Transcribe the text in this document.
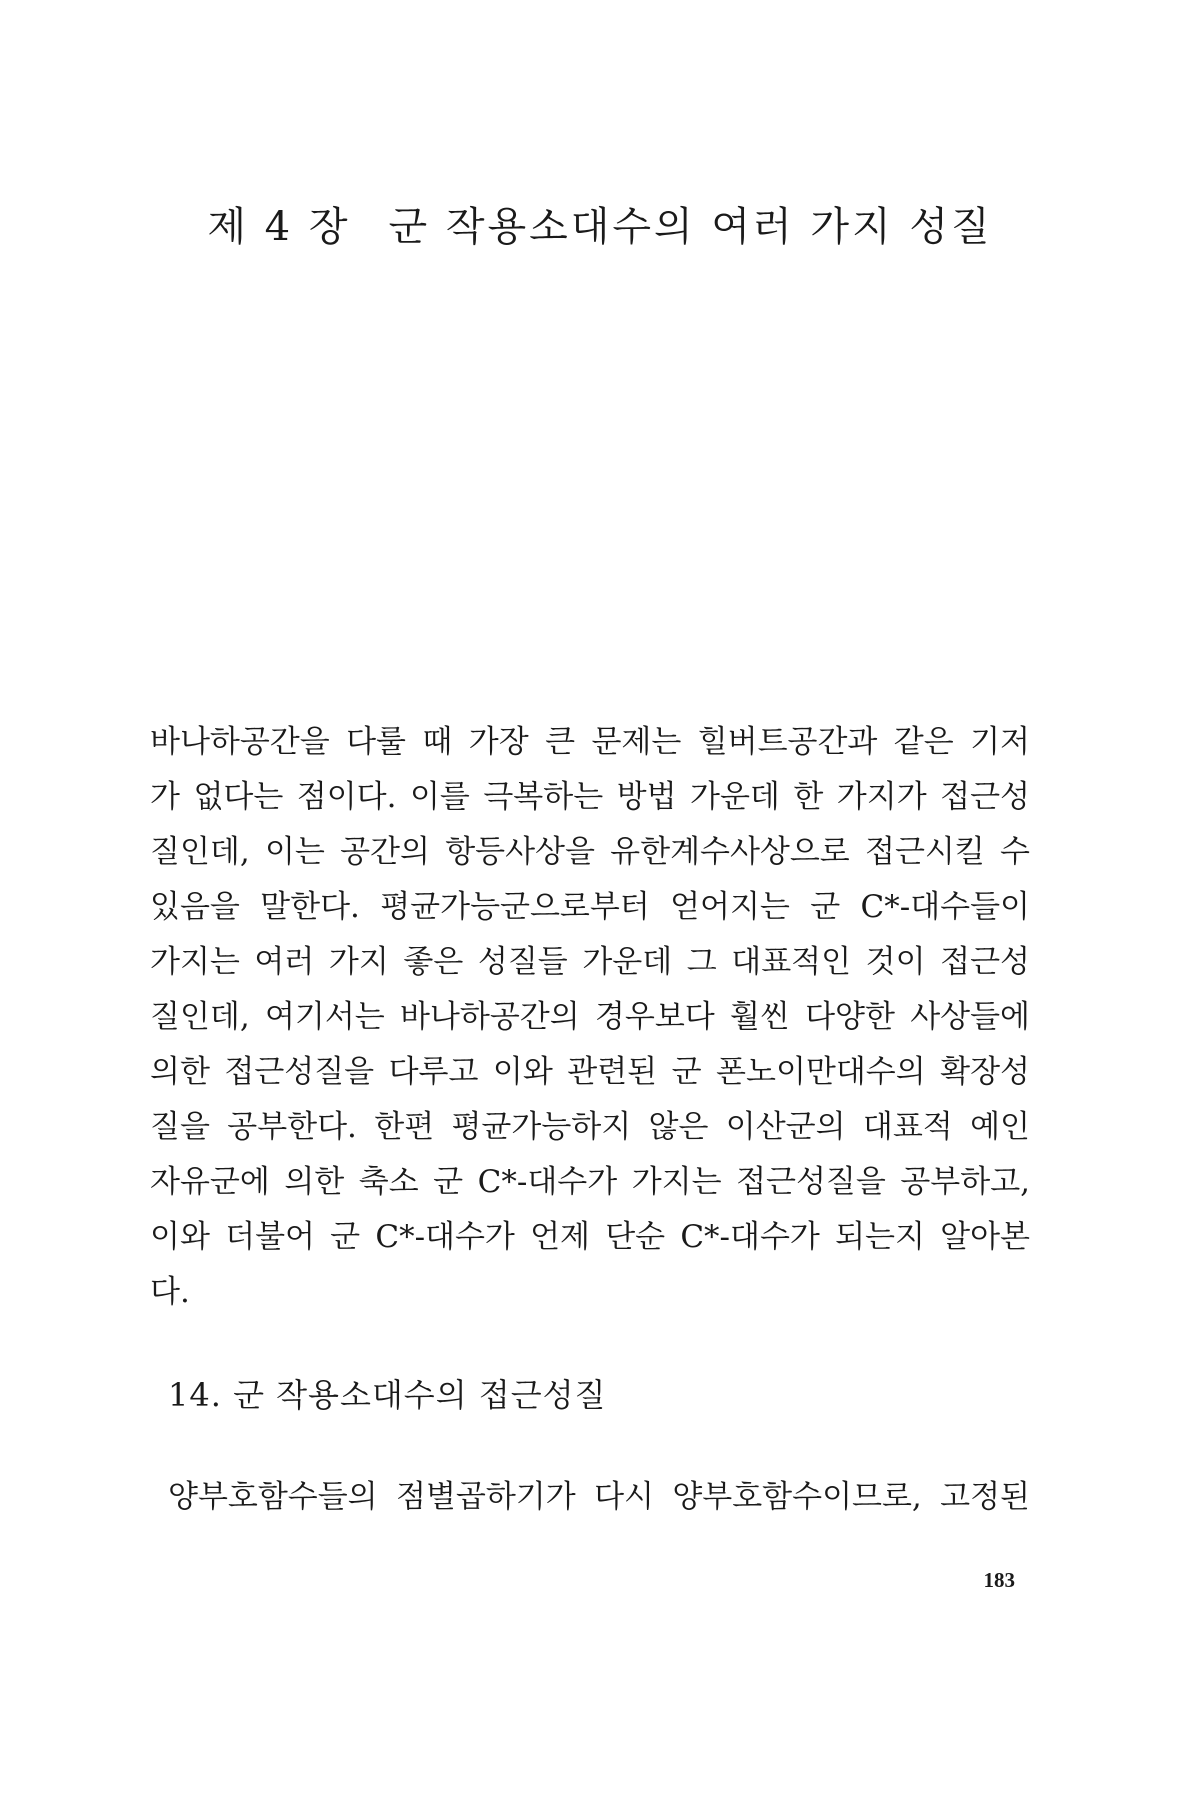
제 4 장 군 작용소대수의 여러 가지 성질

바나하공간을 다룰 때 가장 큰 문제는 힐버트공간과 같은 기저
가 없다는 점이다. 이를 극복하는 방법 가운데 한 가지가 접근성
질인데, 이는 공간의 항등사상을 유한계수사상으로 접근시킬 수
있음을 말한다. 평균가능군으로부터 얻어지는 군 C*-대수들이
가지는 여러 가지 좋은 성질들 가운데 그 대표적인 것이 접근성
질인데, 여기서는 바나하공간의 경우보다 훨씬 다양한 사상들에
의한 접근성질을 다루고 이와 관련된 군 폰노이만대수의 확장성
질을 공부한다. 한편 평균가능하지 않은 이산군의 대표적 예인
자유군에 의한 축소 군 C*-대수가 가지는 접근성질을 공부하고,
이와 더불어 군 C*-대수가 언제 단순 C*-대수가 되는지 알아본
다.

14. 군 작용소대수의 접근성질

양부호함수들의 점별곱하기가 다시 양부호함수이므로, 고정된

183
